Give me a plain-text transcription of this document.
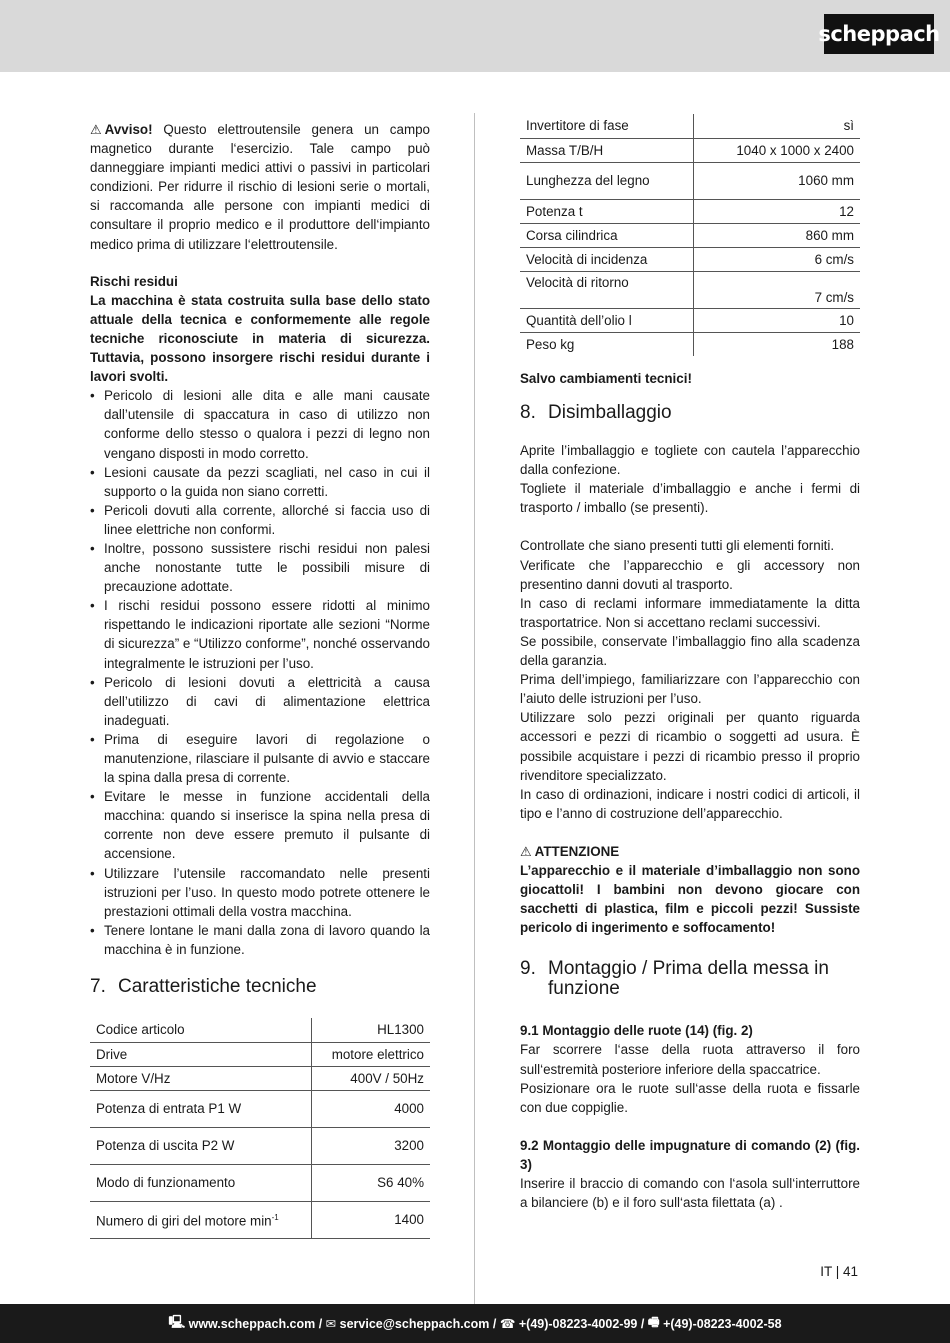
scheppach

⚠ Avviso! Questo elettroutensile genera un campo magnetico durante l‘esercizio. Tale campo può danneggiare impianti medici attivi o passivi in particolari condizioni. Per ridurre il rischio di lesioni serie o mortali, si raccomanda alle persone con impianti medici di consultare il proprio medico e il produttore dell‘impianto medico prima di utilizzare l‘elettroutensile.

Rischi residui

La macchina è stata costruita sulla base dello stato attuale della tecnica e conformemente alle regole tecniche riconosciute in materia di sicurezza. Tuttavia, possono insorgere rischi residui durante i lavori svolti.

• Pericolo di lesioni alle dita e alle mani causate dall’utensile di spaccatura in caso di utilizzo non conforme dello stesso o qualora i pezzi di legno non vengano disposti in modo corretto.
• Lesioni causate da pezzi scagliati, nel caso in cui il supporto o la guida non siano corretti.
• Pericoli dovuti alla corrente, allorché si faccia uso di linee elettriche non conformi.
• Inoltre, possono sussistere rischi residui non palesi anche nonostante tutte le possibili misure di precauzione adottate.
• I rischi residui possono essere ridotti al minimo rispettando le indicazioni riportate alle sezioni “Norme di sicurezza” e “Utilizzo conforme”, nonché osservando integralmente le istruzioni per l’uso.
• Pericolo di lesioni dovuti a elettricità a causa dell’utilizzo di cavi di alimentazione elettrica inadeguati.
• Prima di eseguire lavori di regolazione o manutenzione, rilasciare il pulsante di avvio e staccare la spina dalla presa di corrente.
• Evitare le messe in funzione accidentali della macchina: quando si inserisce la spina nella presa di corrente non deve essere premuto il pulsante di accensione.
• Utilizzare l’utensile raccomandato nelle presenti istruzioni per l’uso. In questo modo potrete ottenere le prestazioni ottimali della vostra macchina.
• Tenere lontane le mani dalla zona di lavoro quando la macchina è in funzione.
7. Caratteristiche tecniche
Codice articolo	HL1300
Drive	motore elettrico
Motore V/Hz	400V / 50Hz
Potenza di entrata P1 W	4000
Potenza di uscita P2 W	3200
Modo di funzionamento	S6 40%
Numero di giri del motore $\min^{-1}$	1400
Invertitore di fase	sì
Massa T/B/H	1040 x 1000 x 2400
Lunghezza del legno	1060 mm
Potenza t	12
Corsa cilindrica	860 mm
Velocità di incidenza	6 cm/s
Velocità di ritorno	7 cm/s
Quantità dell’olio l	10
Peso kg	188

Salvo cambiamenti tecnici!

8. Disimballaggio

Aprite l’imballaggio e togliete con cautela l’apparecchio dalla confezione.

Togliete il materiale d’imballaggio e anche i fermi di trasporto / imballo (se presenti).

Controllate che siano presenti tutti gli elementi forniti.

Verificate che l’apparecchio e gli accessory non presentino danni dovuti al trasporto.

In caso di reclami informare immediatamente la ditta trasportatrice. Non si accettano reclami successivi.

Se possibile, conservate l’imballaggio fino alla scadenza della garanzia.

Prima dell’impiego, familiarizzare con l’apparecchio con l’aiuto delle istruzioni per l’uso.

Utilizzare solo pezzi originali per quanto riguarda accessori e pezzi di ricambio o soggetti ad usura. È possibile acquistare i pezzi di ricambio presso il proprio rivenditore specializzato.

In caso di ordinazioni, indicare i nostri codici di articoli, il tipo e l’anno di costruzione dell’apparecchio.

⚠ ATTENZIONE

L’apparecchio e il materiale d’imballaggio non sono giocattoli! I bambini non devono giocare con sacchetti di plastica, film e piccoli pezzi! Sussiste pericolo di ingerimento e soffocamento!

9. Montaggio / Prima della messa in funzione

9.1 Montaggio delle ruote (14) (fig. 2)

Far scorrere l‘asse della ruota attraverso il foro sull‘estremità posteriore inferiore della spaccatrice.

Posizionare ora le ruote sull‘asse della ruota e fissarle con due coppiglie.

9.2 Montaggio delle impugnature di comando (2) (fig. 3)

Inserire il braccio di comando con l‘asola sull‘interruttore a bilanciere (b) e il foro sull‘asta filettata (a) .

IT | 41
🖳 www.scheppach.com / ✉ service@scheppach.com / ☎ +(49)-08223-4002-99 / 🖷 +(49)-08223-4002-58
